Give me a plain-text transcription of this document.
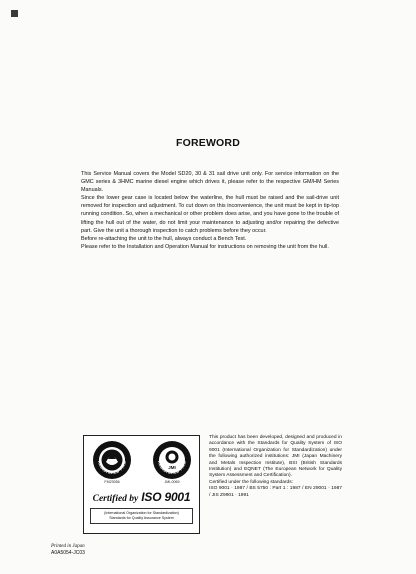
FOREWORD

This Service Manual covers the Model SD20, 30 & 31 sail drive unit only. For service information on the GMC series & 3HMC marine diesel engine which drives it, please refer to the respective GM/HM Series Manuals.

Since the lower gear case is located below the waterline, the hull must be raised and the sail-drive unit removed for inspection and adjustment. To cut down on this inconvenience, the unit must be kept in tip-top running condition. So, when a mechanical or other problem does arise, and you have gone to the trouble of lifting the hull out of the water, do not limit your maintenance to adjusting and/or repairing the defective part. Give the unit a thorough inspection to catch problems before they occur.

Before re-attaching the unit to the hull, always conduct a Bench Test.

Please refer to the Installation and Operation Manual for instructions on removing the unit from the hull.

REGISTERED FIRM
FM23056
JMI
REGISTERED FIRM
JMI-0069
Certified by ISO 9001
(International Organization for Standardization)
Standards for Quality Assurance System

This product has been developed, designed and produced in accordance with the Standards for Quality System of ISO 9001 (International Organization for Standardization) under the following authorized institutions: JMI (Japan Machinery and Metals Inspection Institute), BSI (British Standards Institution) and EQNET (The European Network for Quality System Assessment and Certification).

Certified under the following standards:

ISO 9001 · 1987 / BS 5750 : Part 1 : 1987 / EN 29001 · 1987 / JIS Z9901 · 1991

Printed in Japan
A0A5054-JC03
